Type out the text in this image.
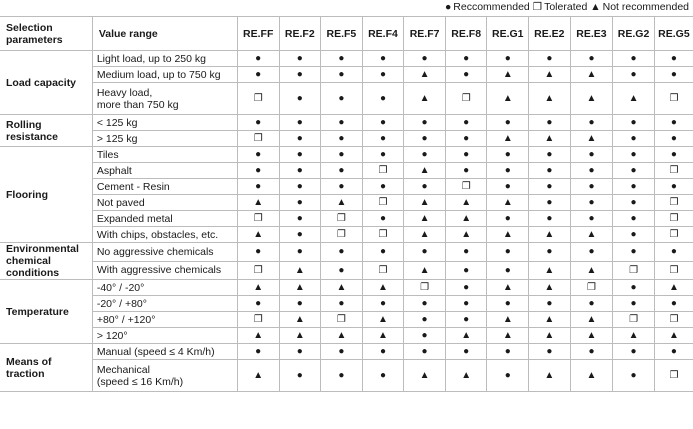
● Reccommended ❐ Tolerated ▲ Not recommended
Selection parameters	Value range	RE.FF	RE.F2	RE.F5	RE.F4	RE.F7	RE.F8	RE.G1	RE.E2	RE.E3	RE.G2	RE.G5
Load capacity	Light load, up to 250 kg	●	●	●	●	●	●	●	●	●	●	●
	Medium load, up to 750 kg	●	●	●	●	▲	●	▲	▲	▲	●	●
	Heavy load,
more than 750 kg	❐	●	●	●	▲	❐	▲	▲	▲	▲	❐
Rolling resistance	< 125 kg	●	●	●	●	●	●	●	●	●	●	●
	> 125 kg	❐	●	●	●	●	●	▲	▲	▲	●	●
Flooring	Tiles	●	●	●	●	●	●	●	●	●	●	●
	Asphalt	●	●	●	❐	▲	●	●	●	●	●	❐
	Cement - Resin	●	●	●	●	●	❐	●	●	●	●	●
	Not paved	▲	●	▲	❐	▲	▲	▲	●	●	●	❐
	Expanded metal	❐	●	❐	●	▲	▲	●	●	●	●	❐
	With chips, obstacles, etc.	▲	●	❐	❐	▲	▲	▲	▲	▲	●	❐
Environmental chemical conditions	No aggressive chemicals	●	●	●	●	●	●	●	●	●	●	●
	With aggressive chemicals	❐	▲	●	❐	▲	●	●	▲	▲	❐	❐
Temperature	-40° / -20°	▲	▲	▲	▲	❐	●	▲	▲	❐	●	▲
	-20° / +80°	●	●	●	●	●	●	●	●	●	●	●
	+80° / +120°	❐	▲	❐	▲	●	●	▲	▲	▲	❐	❐
	> 120°	▲	▲	▲	▲	●	▲	▲	▲	▲	▲	▲
Means of traction	Manual (speed ≤ 4 Km/h)	●	●	●	●	●	●	●	●	●	●	●
	Mechanical
(speed ≤ 16 Km/h)	▲	●	●	●	▲	▲	●	▲	▲	●	❐
